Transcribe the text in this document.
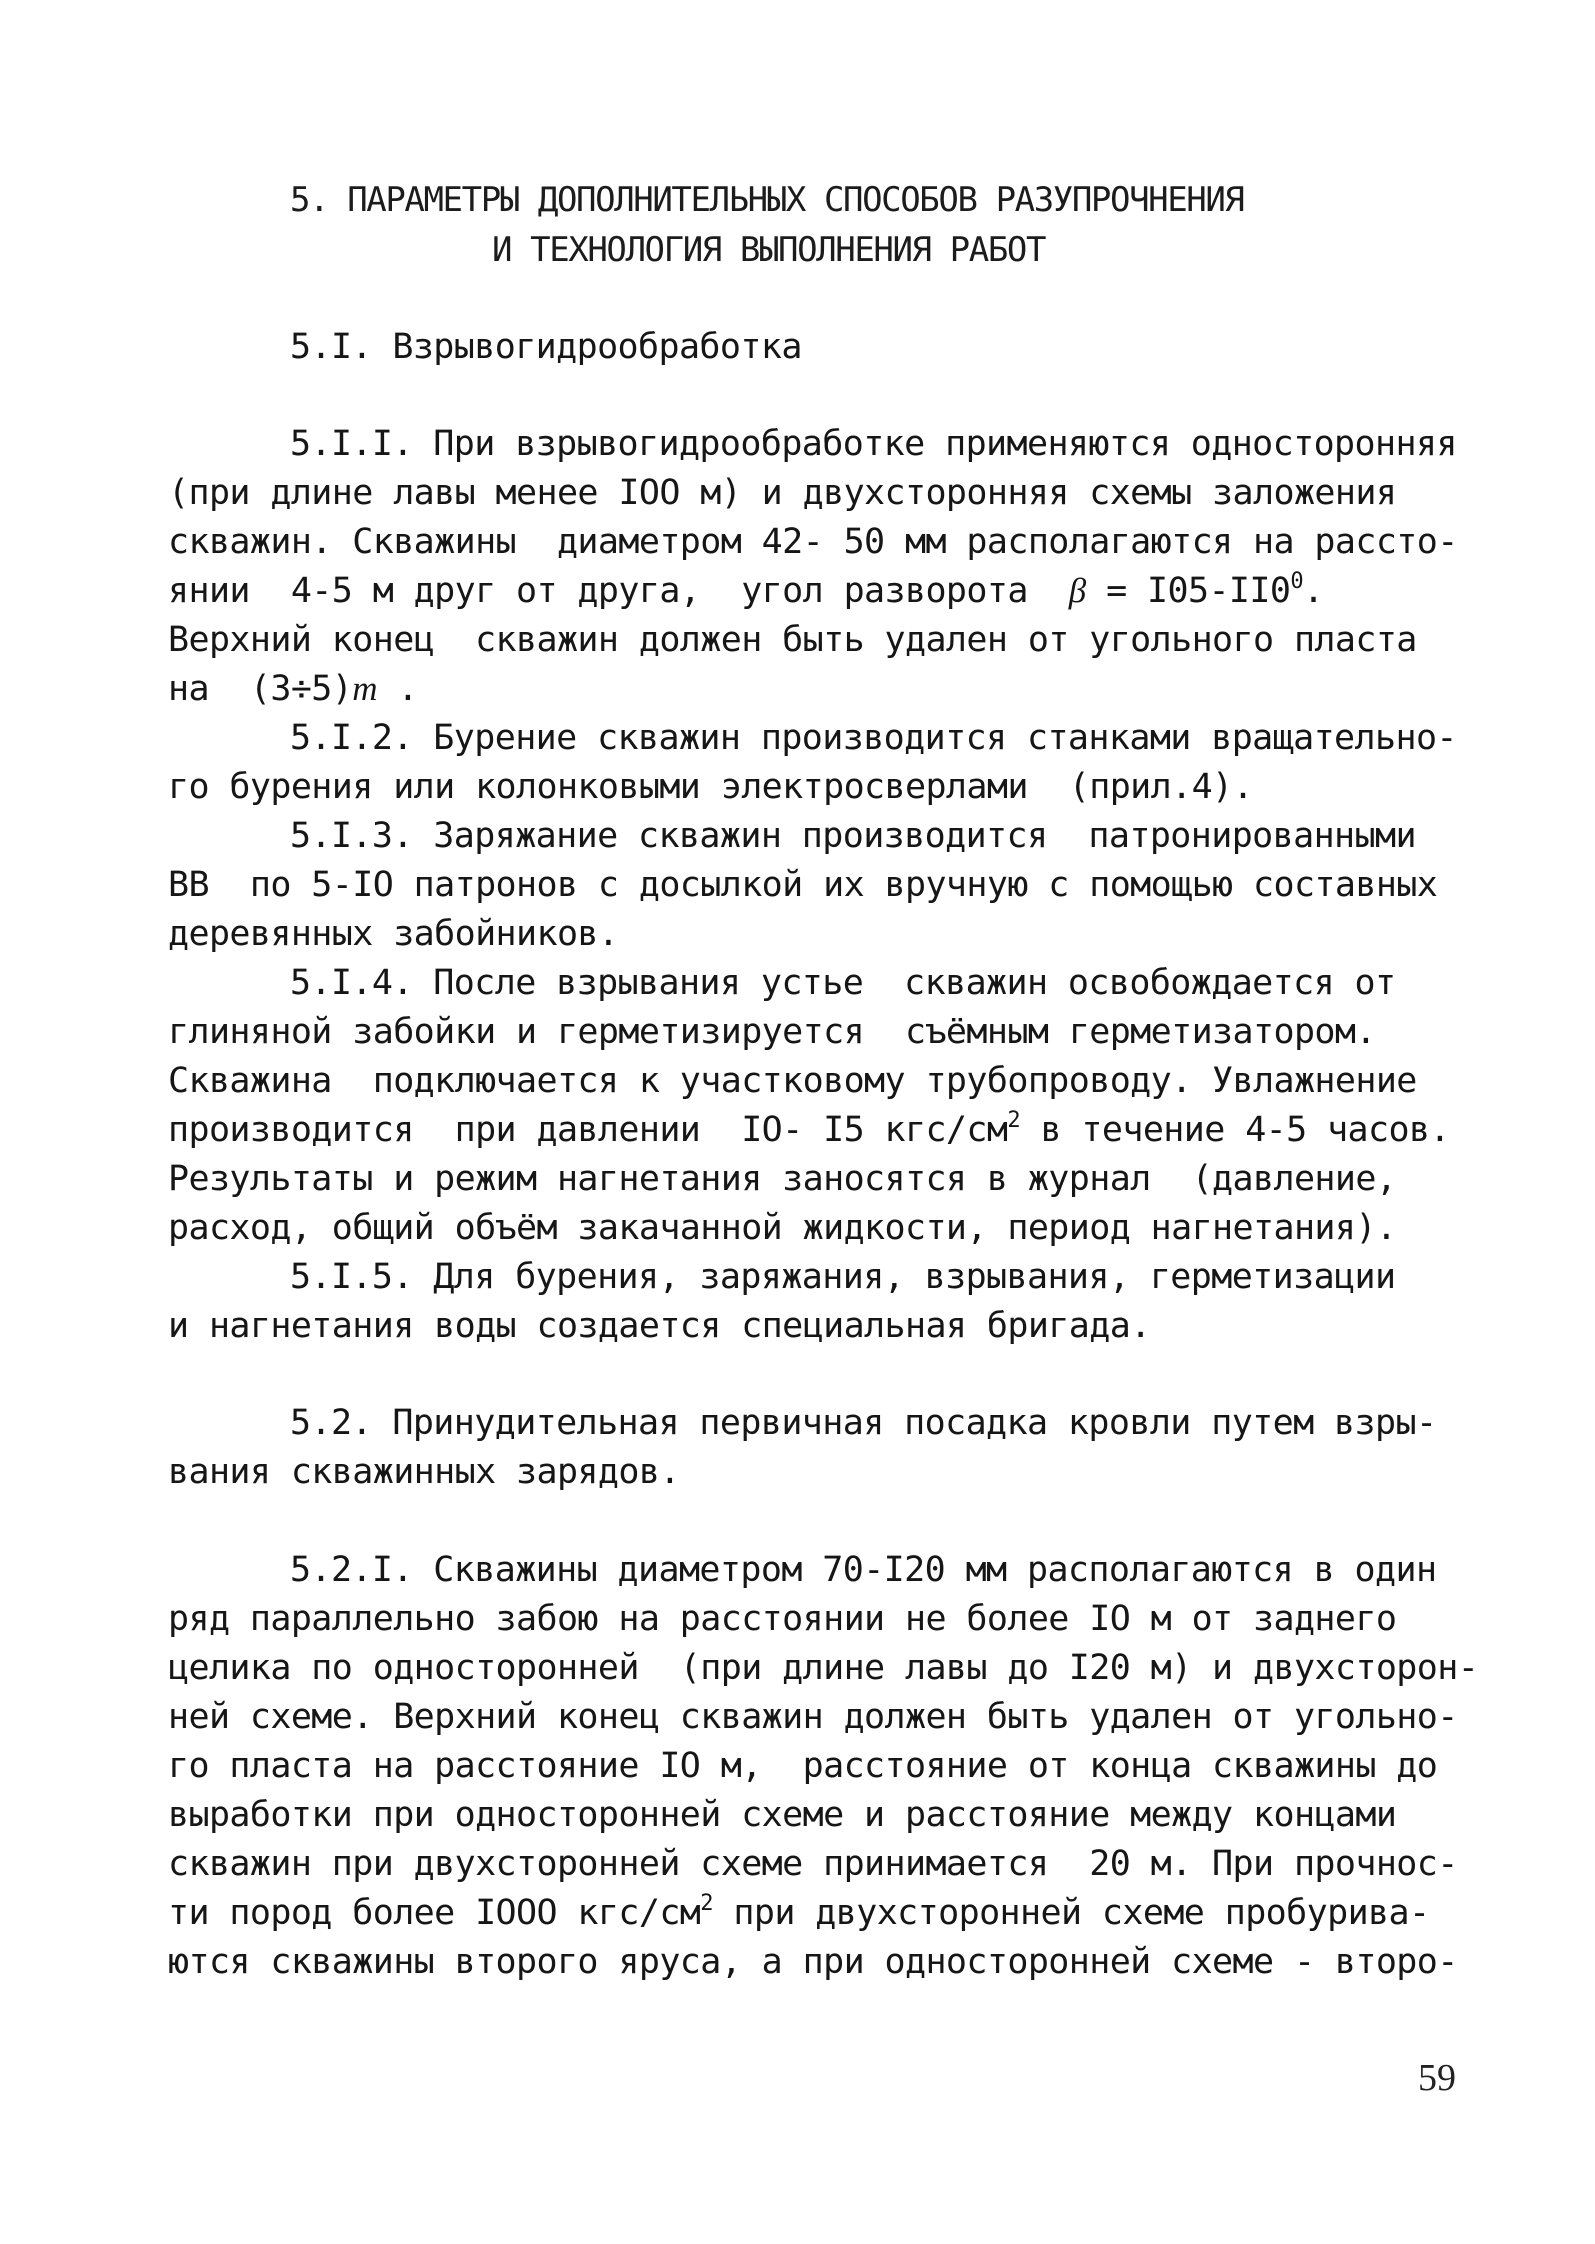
5. ПАРАМЕТРЫ ДОПОЛНИТЕЛЬНЫХ СПОСОБОВ РАЗУПРОЧНЕНИЯ

И ТЕХНОЛОГИЯ ВЫПОЛНЕНИЯ РАБОТ

5.I. Взрывогидрообработка

5.I.I. При взрывогидрообработке применяются односторонняя

(при длине лавы менее IOO м) и двухсторонняя схемы заложения

скважин. Скважины  диаметром 42- 50 мм располагаются на рассто-

янии  4-5 м друг от друга,  угол разворота  $\beta = I05-II0^0$.

Верхний конец  скважин должен быть удален от угольного пласта

на  (3÷5)m .

5.I.2. Бурение скважин производится станками вращательно-

го бурения или колонковыми электросверлами  (прил.4).

5.I.3. Заряжание скважин производится  патронированными

ВВ  по 5-IO патронов с досылкой их вручную с помощью составных

деревянных забойников.

5.I.4. После взрывания устье  скважин освобождается от

глиняной забойки и герметизируется  съёмным герметизатором.

Скважина  подключается к участковому трубопроводу. Увлажнение

производится  при давлении  IO- I5 кгс/$см^2$ в течение 4-5 часов.

Результаты и режим нагнетания заносятся в журнал  (давление,

расход, общий объём закачанной жидкости, период нагнетания).

5.I.5. Для бурения, заряжания, взрывания, герметизации

и нагнетания воды создается специальная бригада.

5.2. Принудительная первичная посадка кровли путем взры-

вания скважинных зарядов.

5.2.I. Скважины диаметром 70-I20 мм располагаются в один

ряд параллельно забою на расстоянии не более IO м от заднего

целика по односторонней  (при длине лавы до I20 м) и двухсторон-

ней схеме. Верхний конец скважин должен быть удален от угольно-

го пласта на расстояние IO м,  расстояние от конца скважины до

выработки при односторонней схеме и расстояние между концами

скважин при двухсторонней схеме принимается  20 м. При прочнос-

ти пород более IOOO кгс/$см^2$ при двухсторонней схеме пробурива-

ются скважины второго яруса, а при односторонней схеме - второ-

59
